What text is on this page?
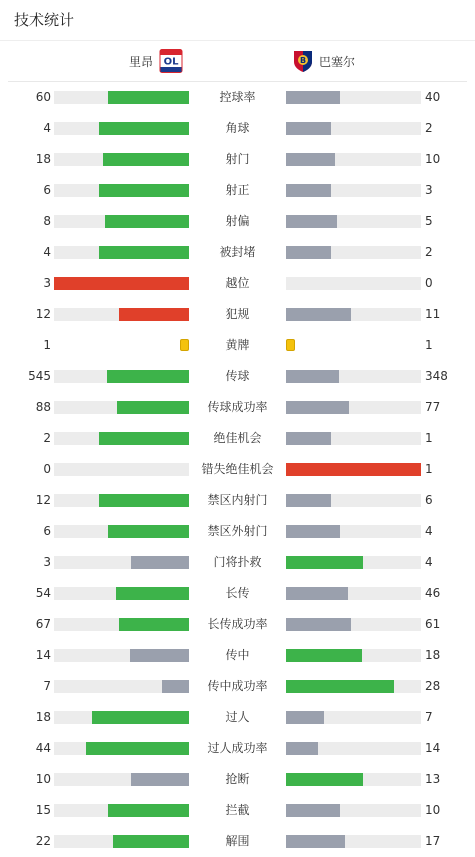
技术统计
里昂 OL	B 巴塞尔
60	控球率	40
4	角球	2
18	射门	10
6	射正	3
8	射偏	5
4	被封堵	2
3	越位	0
12	犯规	11
1	黄牌	1
545	传球	348
88	传球成功率	77
2	绝佳机会	1
0	错失绝佳机会	1
12	禁区内射门	6
6	禁区外射门	4
3	门将扑救	4
54	长传	46
67	长传成功率	61
14	传中	18
7	传中成功率	28
18	过人	7
44	过人成功率	14
10	抢断	13
15	拦截	10
22	解围	17
